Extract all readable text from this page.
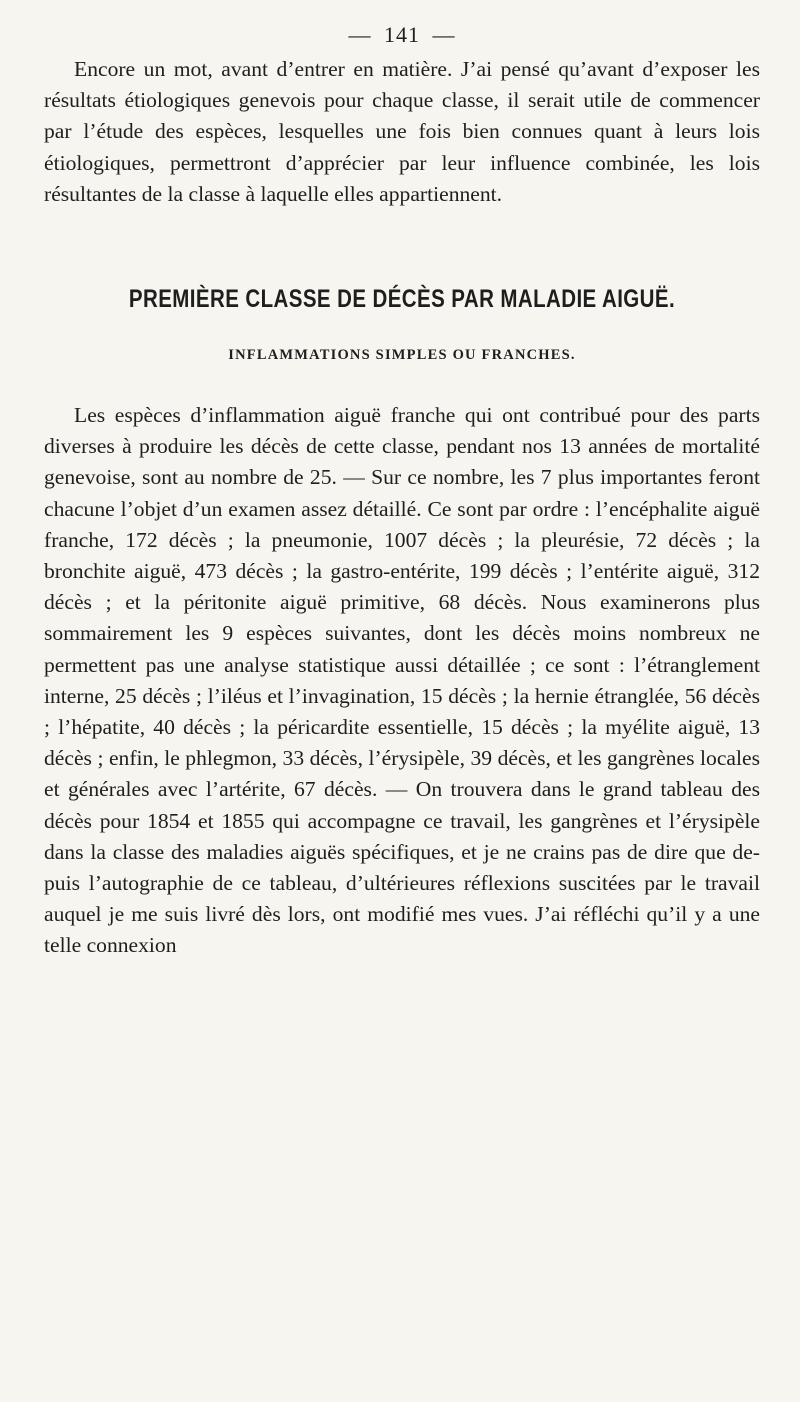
— 141 —

Encore un mot, avant d’entrer en matière. J’ai pensé qu’avant d’exposer les résultats étiologiques genevois pour chaque classe, il serait utile de commencer par l’étude des espèces, lesquelles une fois bien connues quant à leurs lois étiologiques, permettront d’apprécier par leur influence combinée, les lois résultantes de la classe à laquelle elles appartiennent.

PREMIÈRE CLASSE DE DÉCÈS PAR MALADIE AIGUË.
INFLAMMATIONS SIMPLES OU FRANCHES.

Les espèces d’inflammation aiguë franche qui ont contribué pour des parts diverses à produire les décès de cette classe, pendant nos 13 années de mortalité genevoise, sont au nombre de 25. — Sur ce nombre, les 7 plus importantes feront chacune l’objet d’un examen assez détaillé. Ce sont par ordre : l’encéphalite aiguë franche, 172 décès ; la pneumonie, 1007 décès ; la pleurésie, 72 décès ; la bronchite aiguë, 473 décès ; la gastro-entérite, 199 décès ; l’entérite aiguë, 312 décès ; et la péritonite aiguë primitive, 68 décès. Nous examinerons plus sommairement les 9 espèces suivantes, dont les décès moins nombreux ne permettent pas une analyse statistique aussi détaillée ; ce sont : l’étranglement interne, 25 décès ; l’iléus et l’invagination, 15 décès ; la hernie étranglée, 56 décès ; l’hépatite, 40 décès ; la péricardite essentielle, 15 décès ; la myélite aiguë, 13 décès ; enfin, le phlegmon, 33 décès, l’érysipèle, 39 décès, et les gangrènes locales et générales avec l’artérite, 67 décès. — On trouvera dans le grand tableau des décès pour 1854 et 1855 qui accompagne ce travail, les gangrènes et l’érysipèle dans la classe des maladies aiguës spécifiques, et je ne crains pas de dire que depuis l’autographie de ce tableau, d’ultérieures réflexions suscitées par le travail auquel je me suis livré dès lors, ont modifié mes vues. J’ai réfléchi qu’il y a une telle connexion
